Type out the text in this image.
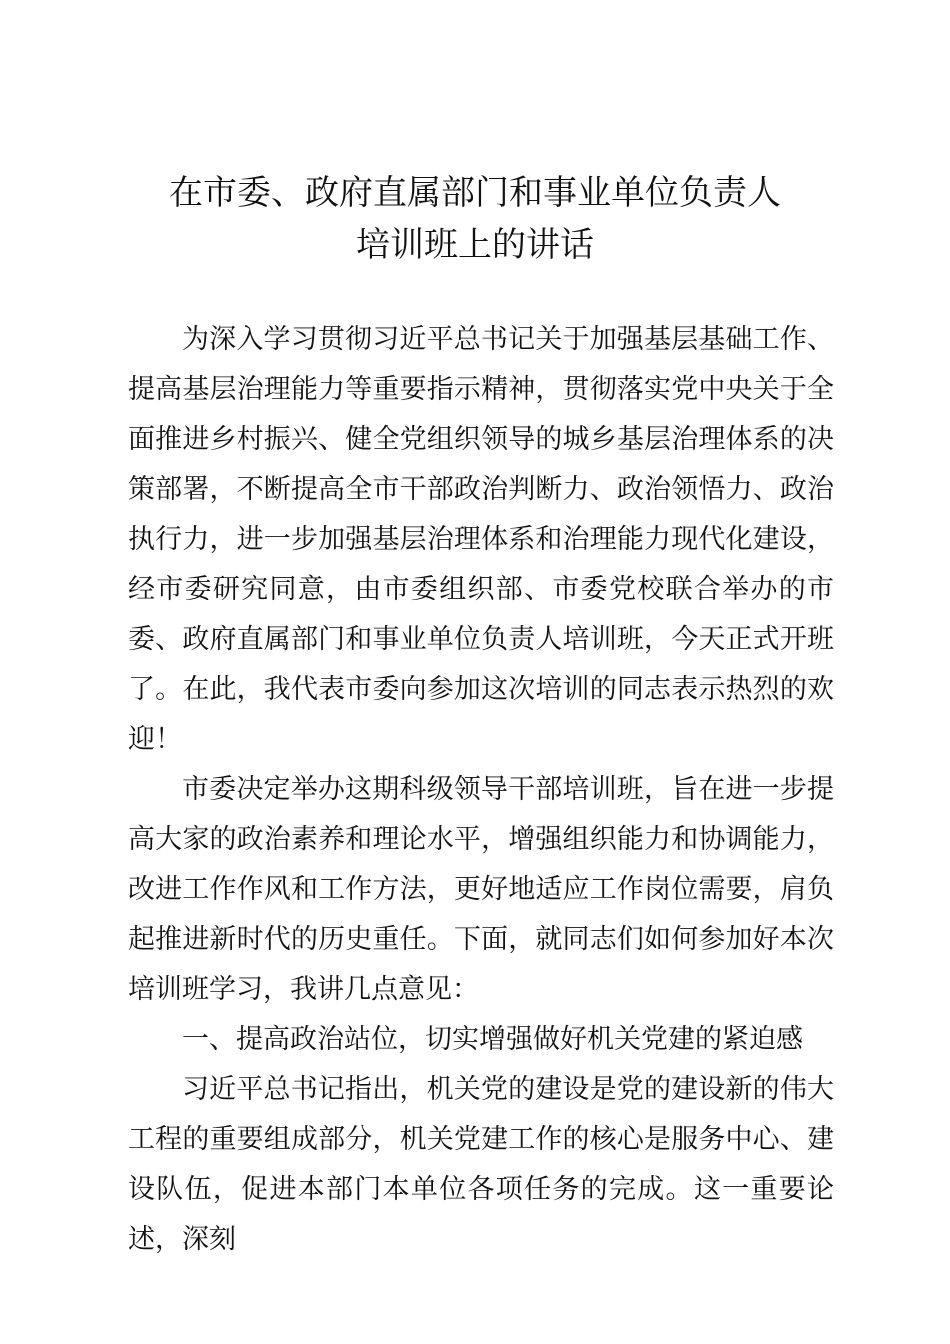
在市委、政府直属部门和事业单位负责人
培训班上的讲话

为深入学习贯彻习近平总书记关于加强基层基础工作、提高基层治理能力等重要指示精神，贯彻落实党中央关于全面推进乡村振兴、健全党组织领导的城乡基层治理体系的决策部署，不断提高全市干部政治判断力、政治领悟力、政治执行力，进一步加强基层治理体系和治理能力现代化建设，经市委研究同意，由市委组织部、市委党校联合举办的市委、政府直属部门和事业单位负责人培训班，今天正式开班了。在此，我代表市委向参加这次培训的同志表示热烈的欢迎！

市委决定举办这期科级领导干部培训班，旨在进一步提高大家的政治素养和理论水平，增强组织能力和协调能力，改进工作作风和工作方法，更好地适应工作岗位需要，肩负起推进新时代的历史重任。下面，就同志们如何参加好本次培训班学习，我讲几点意见：

一、提高政治站位，切实增强做好机关党建的紧迫感

习近平总书记指出，机关党的建设是党的建设新的伟大工程的重要组成部分，机关党建工作的核心是服务中心、建设队伍，促进本部门本单位各项任务的完成。这一重要论述，深刻
